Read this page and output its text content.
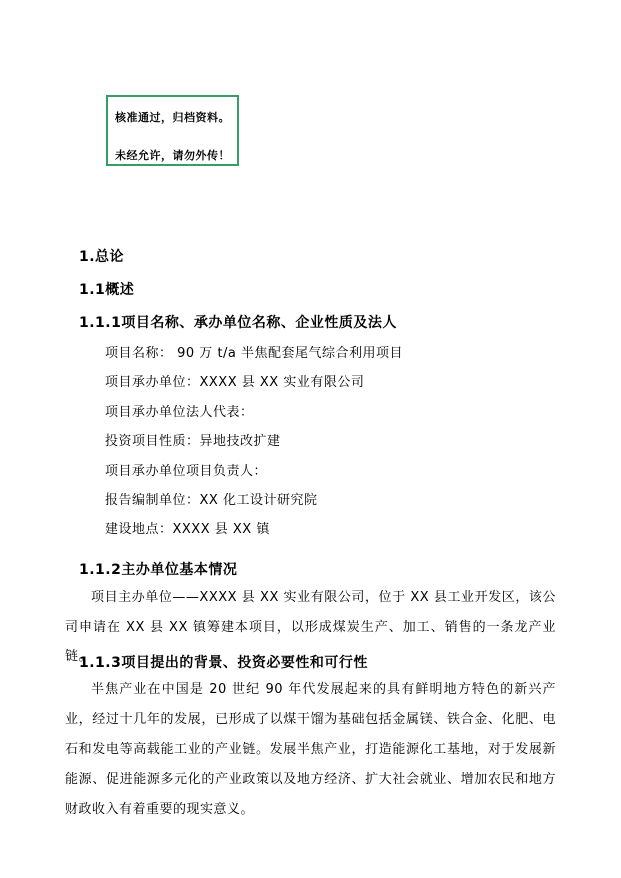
核准通过，归档资料。
未经允许，请勿外传！
1.总论
1.1概述
1.1.1项目名称、承办单位名称、企业性质及法人
项目名称： 90 万 t/a 半焦配套尾气综合利用项目
项目承办单位：XXXX 县 XX 实业有限公司
项目承办单位法人代表：
投资项目性质：异地技改扩建
项目承办单位项目负责人：
报告编制单位：XX 化工设计研究院
建设地点：XXXX 县 XX 镇
1.1.2主办单位基本情况
项目主办单位——XXXX 县 XX 实业有限公司，位于 XX 县工业开发区，该公司申请在 XX 县 XX 镇筹建本项目，以形成煤炭生产、加工、销售的一条龙产业链。
1.1.3项目提出的背景、投资必要性和可行性
半焦产业在中国是 20 世纪 90 年代发展起来的具有鲜明地方特色的新兴产业，经过十几年的发展，已形成了以煤干馏为基础包括金属镁、铁合金、化肥、电石和发电等高载能工业的产业链。发展半焦产业，打造能源化工基地，对于发展新能源、促进能源多元化的产业政策以及地方经济、扩大社会就业、增加农民和地方财政收入有着重要的现实意义。
